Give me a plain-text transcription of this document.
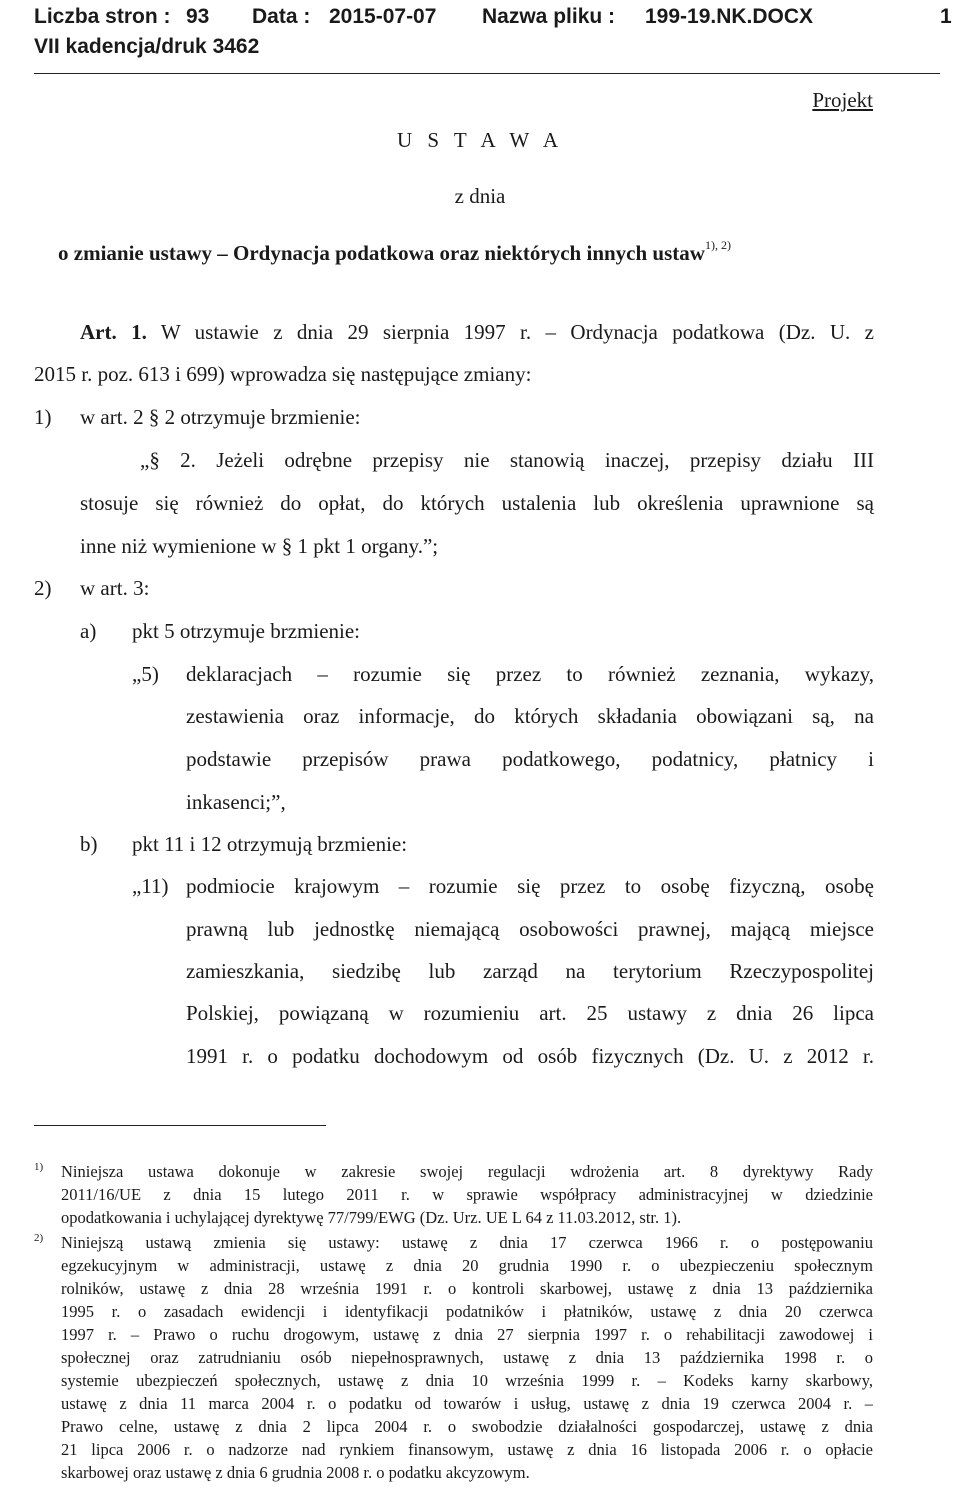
Liczba stron : 93 Data : 2015-07-07 Nazwa pliku : 199-19.NK.DOCX	1
VII kadencja/druk 3462
Projekt
U S T A W A
z dnia
o zmianie ustawy – Ordynacja podatkowa oraz niektórych innych ustaw$^{1), 2)}$
Art. 1. W ustawie z dnia 29 sierpnia 1997 r. – Ordynacja podatkowa (Dz. U. z
2015 r. poz. 613 i 699) wprowadza się następujące zmiany:
1) w art. 2 § 2 otrzymuje brzmienie:
„§ 2. Jeżeli odrębne przepisy nie stanowią inaczej, przepisy działu III
stosuje się również do opłat, do których ustalenia lub określenia uprawnione są
inne niż wymienione w § 1 pkt 1 organy.”;
2) w art. 3:
a) pkt 5 otrzymuje brzmienie:
„5) deklaracjach – rozumie się przez to również zeznania, wykazy,
zestawienia oraz informacje, do których składania obowiązani są, na
podstawie przepisów prawa podatkowego, podatnicy, płatnicy i
inkasenci;”,
b) pkt 11 i 12 otrzymują brzmienie:
„11) podmiocie krajowym – rozumie się przez to osobę fizyczną, osobę
prawną lub jednostkę niemającą osobowości prawnej, mającą miejsce
zamieszkania, siedzibę lub zarząd na terytorium Rzeczypospolitej
Polskiej, powiązaną w rozumieniu art. 25 ustawy z dnia 26 lipca
1991 r. o podatku dochodowym od osób fizycznych (Dz. U. z 2012 r.
1) Niniejsza ustawa dokonuje w zakresie swojej regulacji wdrożenia art. 8 dyrektywy Rady
2011/16/UE z dnia 15 lutego 2011 r. w sprawie współpracy administracyjnej w dziedzinie
opodatkowania i uchylającej dyrektywę 77/799/EWG (Dz. Urz. UE L 64 z 11.03.2012, str. 1).
2) Niniejszą ustawą zmienia się ustawy: ustawę z dnia 17 czerwca 1966 r. o postępowaniu
egzekucyjnym w administracji, ustawę z dnia 20 grudnia 1990 r. o ubezpieczeniu społecznym
rolników, ustawę z dnia 28 września 1991 r. o kontroli skarbowej, ustawę z dnia 13 października
1995 r. o zasadach ewidencji i identyfikacji podatników i płatników, ustawę z dnia 20 czerwca
1997 r. – Prawo o ruchu drogowym, ustawę z dnia 27 sierpnia 1997 r. o rehabilitacji zawodowej i
społecznej oraz zatrudnianiu osób niepełnosprawnych, ustawę z dnia 13 października 1998 r. o
systemie ubezpieczeń społecznych, ustawę z dnia 10 września 1999 r. – Kodeks karny skarbowy,
ustawę z dnia 11 marca 2004 r. o podatku od towarów i usług, ustawę z dnia 19 czerwca 2004 r. –
Prawo celne, ustawę z dnia 2 lipca 2004 r. o swobodzie działalności gospodarczej, ustawę z dnia
21 lipca 2006 r. o nadzorze nad rynkiem finansowym, ustawę z dnia 16 listopada 2006 r. o opłacie
skarbowej oraz ustawę z dnia 6 grudnia 2008 r. o podatku akcyzowym.
